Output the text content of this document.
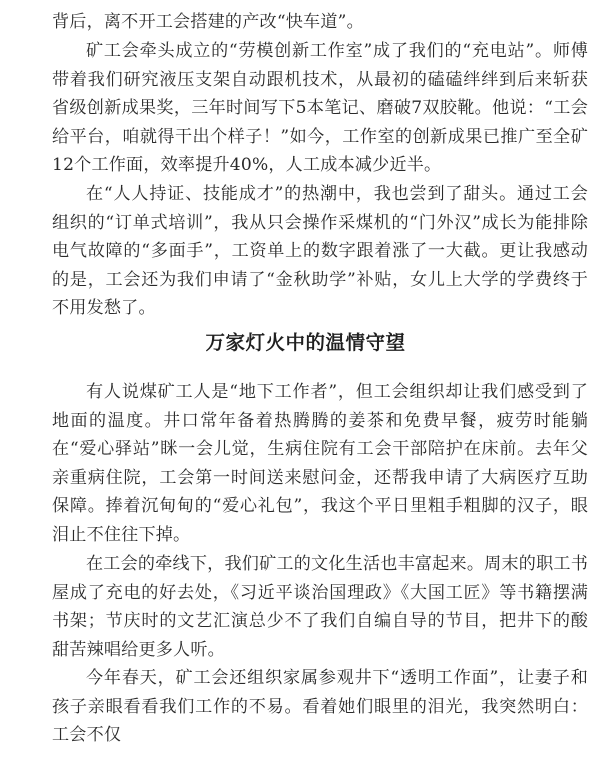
背后，离不开工会搭建的产改“快车道”。

矿工会牵头成立的“劳模创新工作室”成了我们的“充电站”。师傅带着我们研究液压支架自动跟机技术，从最初的磕磕绊绊到后来斩获省级创新成果奖，三年时间写下5本笔记、磨破7双胶靴。他说：“工会给平台，咱就得干出个样子！”如今，工作室的创新成果已推广至全矿12个工作面，效率提升40%，人工成本减少近半。

在“人人持证、技能成才”的热潮中，我也尝到了甜头。通过工会组织的“订单式培训”，我从只会操作采煤机的“门外汉”成长为能排除电气故障的“多面手”，工资单上的数字跟着涨了一大截。更让我感动的是，工会还为我们申请了“金秋助学”补贴，女儿上大学的学费终于不用发愁了。

万家灯火中的温情守望

有人说煤矿工人是“地下工作者”，但工会组织却让我们感受到了地面的温度。井口常年备着热腾腾的姜茶和免费早餐，疲劳时能躺在“爱心驿站”眯一会儿觉，生病住院有工会干部陪护在床前。去年父亲重病住院，工会第一时间送来慰问金，还帮我申请了大病医疗互助保障。捧着沉甸甸的“爱心礼包”，我这个平日里粗手粗脚的汉子，眼泪止不住往下掉。

在工会的牵线下，我们矿工的文化生活也丰富起来。周末的职工书屋成了充电的好去处，《习近平谈治国理政》《大国工匠》等书籍摆满书架；节庆时的文艺汇演总少不了我们自编自导的节目，把井下的酸甜苦辣唱给更多人听。

今年春天，矿工会还组织家属参观井下“透明工作面”，让妻子和孩子亲眼看看我们工作的不易。看着她们眼里的泪光，我突然明白：工会不仅
